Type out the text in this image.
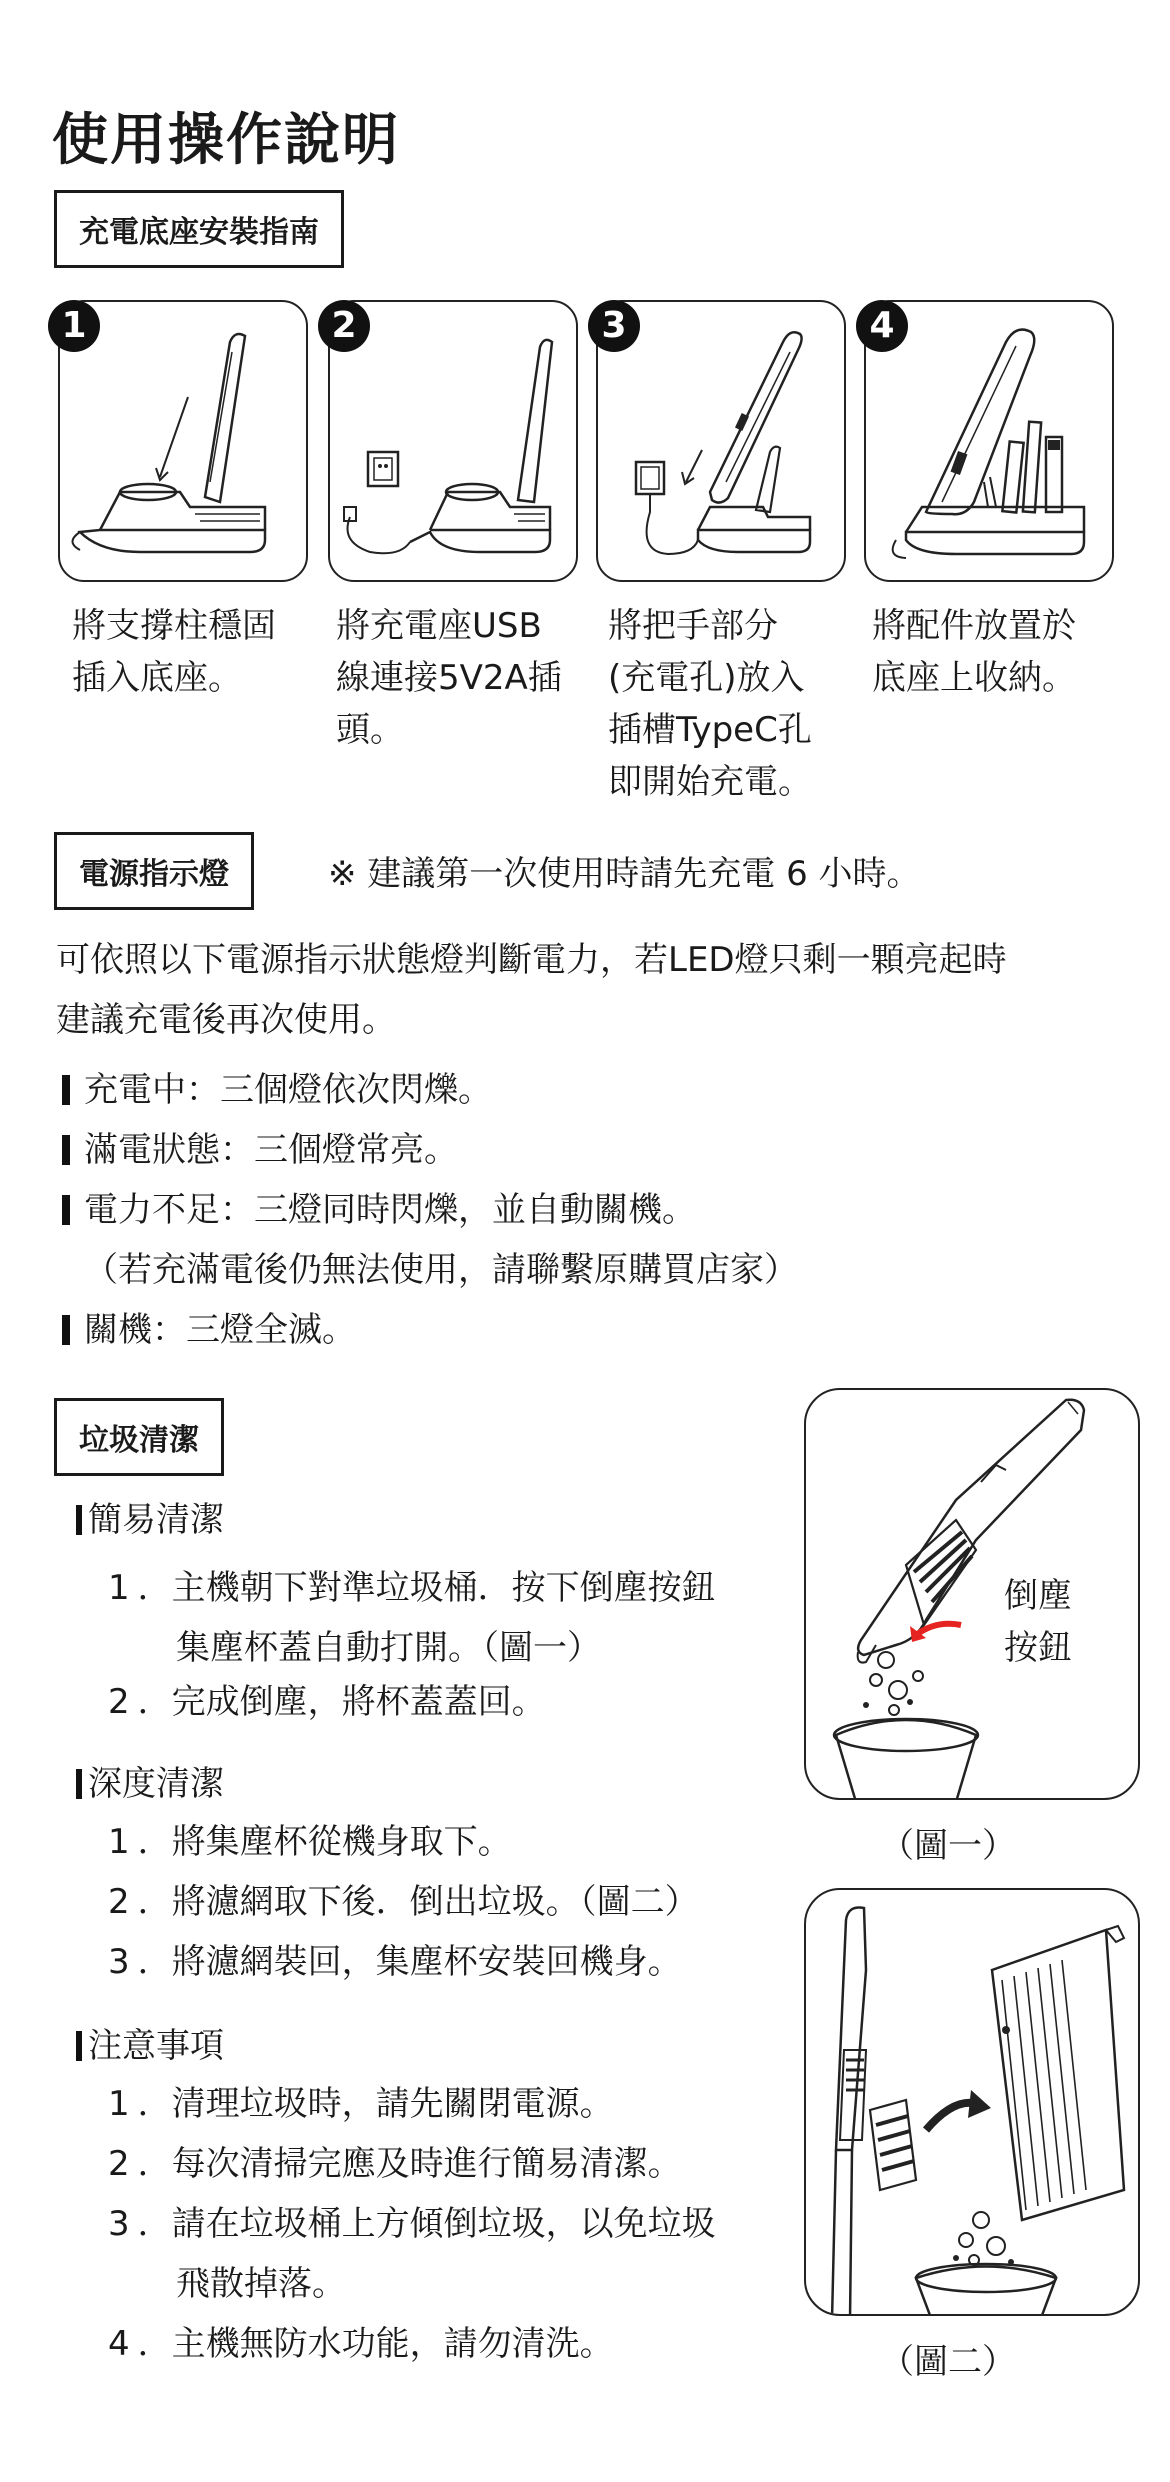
使用操作說明
充電底座安裝指南
1	2	3	4
將支撐柱穩固
插入底座。
將充電座USB
線連接5V2A插
頭。
將把手部分
(充電孔)放入
插槽TypeC孔
即開始充電。
將配件放置於
底座上收納。
電源指示燈	※ 建議第一次使用時請先充電 6 小時。
可依照以下電源指示狀態燈判斷電力，若LED燈只剩一顆亮起時
建議充電後再次使用。
充電中：三個燈依次閃爍。
滿電狀態：三個燈常亮。
電力不足：三燈同時閃爍，並自動關機。
（若充滿電後仍無法使用，請聯繫原購買店家）
關機：三燈全滅。
垃圾清潔
簡易清潔
1 ．主機朝下對準垃圾桶．按下倒塵按鈕
集塵杯蓋自動打開。（圖一）
2 ．完成倒塵，將杯蓋蓋回。
深度清潔
1 ．將集塵杯從機身取下。
2 ．將濾網取下後．倒出垃圾。（圖二）
3 ．將濾網裝回，集塵杯安裝回機身。
注意事項
1 ．清理垃圾時，請先關閉電源。
2 ．每次清掃完應及時進行簡易清潔。
3 ．請在垃圾桶上方傾倒垃圾，以免垃圾
飛散掉落。
4 ．主機無防水功能，請勿清洗。
倒塵
按鈕
（圖一）
（圖二）
